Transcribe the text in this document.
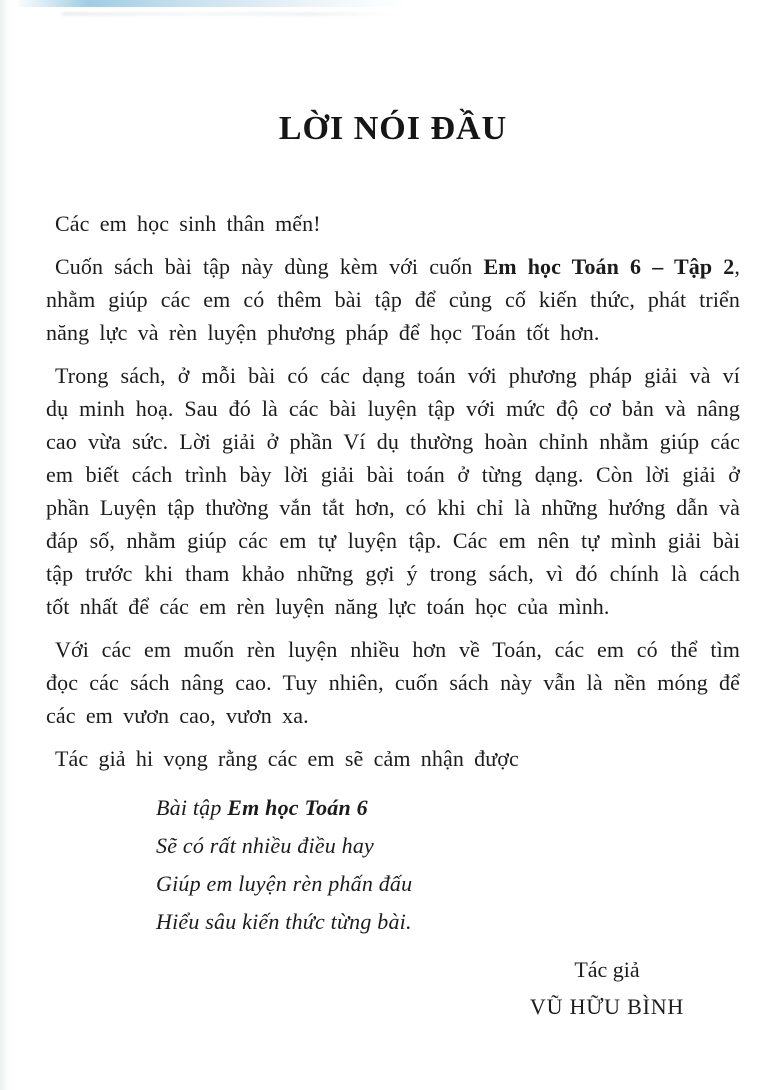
LỜI NÓI ĐẦU

Các em học sinh thân mến!

Cuốn sách bài tập này dùng kèm với cuốn Em học Toán 6 – Tập 2, nhằm giúp các em có thêm bài tập để củng cố kiến thức, phát triển năng lực và rèn luyện phương pháp để học Toán tốt hơn.

Trong sách, ở mỗi bài có các dạng toán với phương pháp giải và ví dụ minh hoạ. Sau đó là các bài luyện tập với mức độ cơ bản và nâng cao vừa sức. Lời giải ở phần Ví dụ thường hoàn chỉnh nhằm giúp các em biết cách trình bày lời giải bài toán ở từng dạng. Còn lời giải ở phần Luyện tập thường vắn tắt hơn, có khi chỉ là những hướng dẫn và đáp số, nhằm giúp các em tự luyện tập. Các em nên tự mình giải bài tập trước khi tham khảo những gợi ý trong sách, vì đó chính là cách tốt nhất để các em rèn luyện năng lực toán học của mình.

Với các em muốn rèn luyện nhiều hơn về Toán, các em có thể tìm đọc các sách nâng cao. Tuy nhiên, cuốn sách này vẫn là nền móng để các em vươn cao, vươn xa.

Tác giả hi vọng rằng các em sẽ cảm nhận được

Bài tập Em học Toán 6
Sẽ có rất nhiều điều hay
Giúp em luyện rèn phấn đấu
Hiểu sâu kiến thức từng bài.
Tác giả
VŨ HỮU BÌNH
